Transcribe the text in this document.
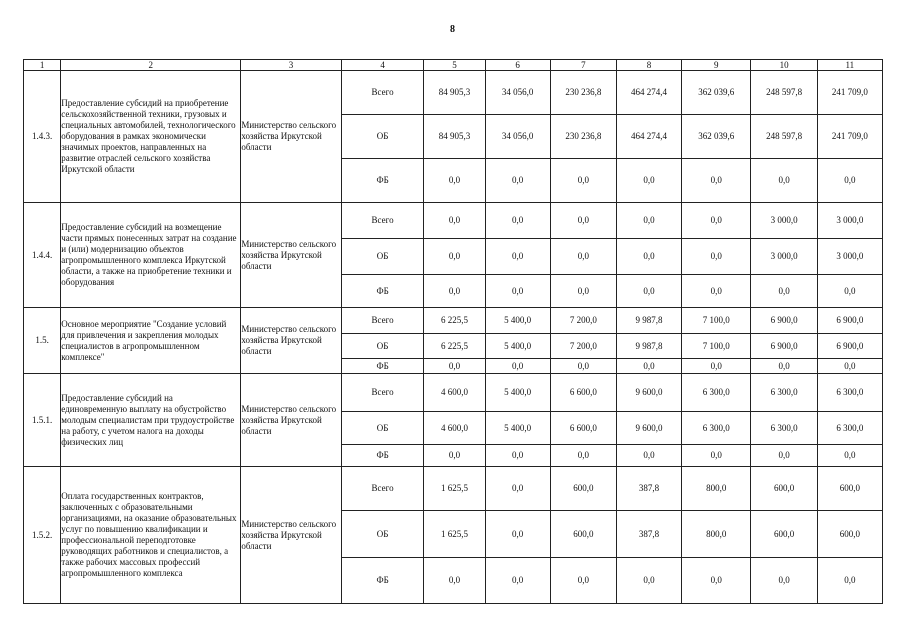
8
1	2	3	4	5	6	7	8	9	10	11
1.4.3.	Предоставление субсидий на приобретение сельскохозяйственной техники, грузовых и специальных автомобилей, технологического оборудования в рамках экономически значимых проектов, направленных на развитие отраслей сельского хозяйства Иркутской области	Министерство сельского хозяйства Иркутской области	Всего	84 905,3	34 056,0	230 236,8	464 274,4	362 039,6	248 597,8	241 709,0
			ОБ	84 905,3	34 056,0	230 236,8	464 274,4	362 039,6	248 597,8	241 709,0
			ФБ	0,0	0,0	0,0	0,0	0,0	0,0	0,0
1.4.4.	Предоставление субсидий на возмещение части прямых понесенных затрат на создание и (или) модернизацию объектов агропромышленного комплекса Иркутской области, а также на приобретение техники и оборудования	Министерство сельского хозяйства Иркутской области	Всего	0,0	0,0	0,0	0,0	0,0	3 000,0	3 000,0
			ОБ	0,0	0,0	0,0	0,0	0,0	3 000,0	3 000,0
			ФБ	0,0	0,0	0,0	0,0	0,0	0,0	0,0
1.5.	Основное мероприятие "Создание условий для привлечения и закрепления молодых специалистов в агропромышленном комплексе"	Министерство сельского хозяйства Иркутской области	Всего	6 225,5	5 400,0	7 200,0	9 987,8	7 100,0	6 900,0	6 900,0
			ОБ	6 225,5	5 400,0	7 200,0	9 987,8	7 100,0	6 900,0	6 900,0
			ФБ	0,0	0,0	0,0	0,0	0,0	0,0	0,0
1.5.1.	Предоставление субсидий на единовременную выплату на обустройство молодым специалистам при трудоустройстве на работу, с учетом налога на доходы физических лиц	Министерство сельского хозяйства Иркутской области	Всего	4 600,0	5 400,0	6 600,0	9 600,0	6 300,0	6 300,0	6 300,0
			ОБ	4 600,0	5 400,0	6 600,0	9 600,0	6 300,0	6 300,0	6 300,0
			ФБ	0,0	0,0	0,0	0,0	0,0	0,0	0,0
1.5.2.	Оплата государственных контрактов, заключенных с образовательными организациями, на оказание образовательных услуг по повышению квалификации и профессиональной переподготовке руководящих работников и специалистов, а также рабочих массовых профессий агропромышленного комплекса	Министерство сельского хозяйства Иркутской области	Всего	1 625,5	0,0	600,0	387,8	800,0	600,0	600,0
			ОБ	1 625,5	0,0	600,0	387,8	800,0	600,0	600,0
			ФБ	0,0	0,0	0,0	0,0	0,0	0,0	0,0
